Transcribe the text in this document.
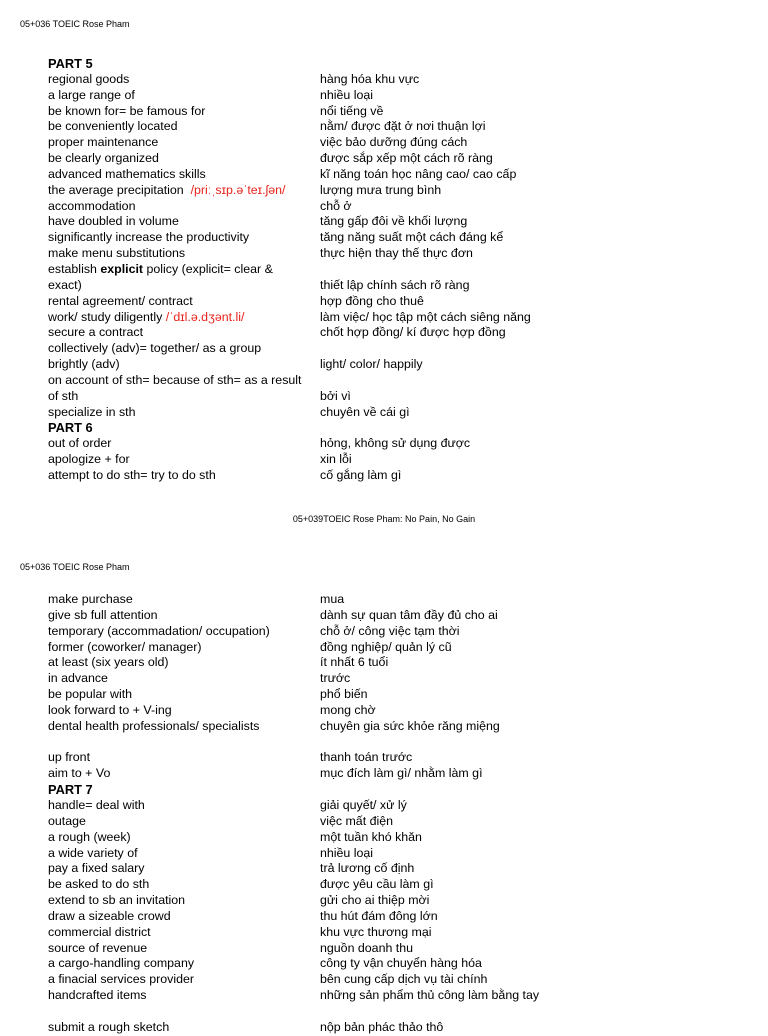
05+036 TOEIC Rose Pham
PART 5
regional goods	hàng hóa khu vực
a large range of	nhiều loại
be known for= be famous for	nổi tiếng về
be conveniently located	nằm/ được đặt ở nơi thuận lợi
proper maintenance	việc bảo dưỡng đúng cách
be clearly organized	được sắp xếp một cách rõ ràng
advanced mathematics skills	kĩ năng toán học nâng cao/ cao cấp
the average precipitation /priːˌsɪp.əˈteɪ.ʃən/	lượng mưa trung bình
accommodation	chỗ ở
have doubled in volume	tăng gấp đôi về khối lượng
significantly increase the productivity	tăng năng suất một cách đáng kể
make menu substitutions	thực hiện thay thế thực đơn
establish explicit policy (explicit= clear & exact)	thiết lập chính sách rõ ràng
rental agreement/ contract	hợp đồng cho thuê
work/ study diligently /ˈdɪl.ə.dʒənt.li/	làm việc/ học tập một cách siêng năng
secure a contract	chốt hợp đồng/ kí được hợp đồng
collectively (adv)= together/ as a group
brightly (adv)	light/ color/ happily
on account of sth= because of sth= as a result of sth	bởi vì
specialize in sth	chuyên về cái gì
PART 6
out of order	hỏng, không sử dụng được
apologize + for	xin lỗi
attempt to do sth= try to do sth	cố gắng làm gì
05+039TOEIC Rose Pham: No Pain, No Gain
05+036 TOEIC Rose Pham
make purchase	mua
give sb full attention	dành sự quan tâm đầy đủ cho ai
temporary (accommadation/ occupation)	chỗ ở/ công việc tạm thời
former (coworker/ manager)	đồng nghiệp/ quản lý cũ
at least (six years old)	ít nhất 6 tuổi
in advance	trước
be popular with	phổ biến
look forward to + V-ing	mong chờ
dental health professionals/ specialists	chuyên gia sức khỏe răng miệng
up front	thanh toán trước
aim to + Vo	mục đích làm gì/ nhằm làm gì
PART 7
handle= deal with	giải quyết/ xử lý
outage	việc mất điện
a rough (week)	một tuần khó khăn
a wide variety of	nhiều loại
pay a fixed salary	trả lương cố định
be asked to do sth	được yêu cầu làm gì
extend to sb an invitation	gửi cho ai thiệp mời
draw a sizeable crowd	thu hút đám đông lớn
commercial district	khu vực thương mại
source of revenue	nguồn doanh thu
a cargo-handling company	công ty vận chuyển hàng hóa
a finacial services provider	bên cung cấp dịch vụ tài chính
handcrafted items	những sản phẩm thủ công làm bằng tay
submit a rough sketch	nộp bản phác thảo thô
